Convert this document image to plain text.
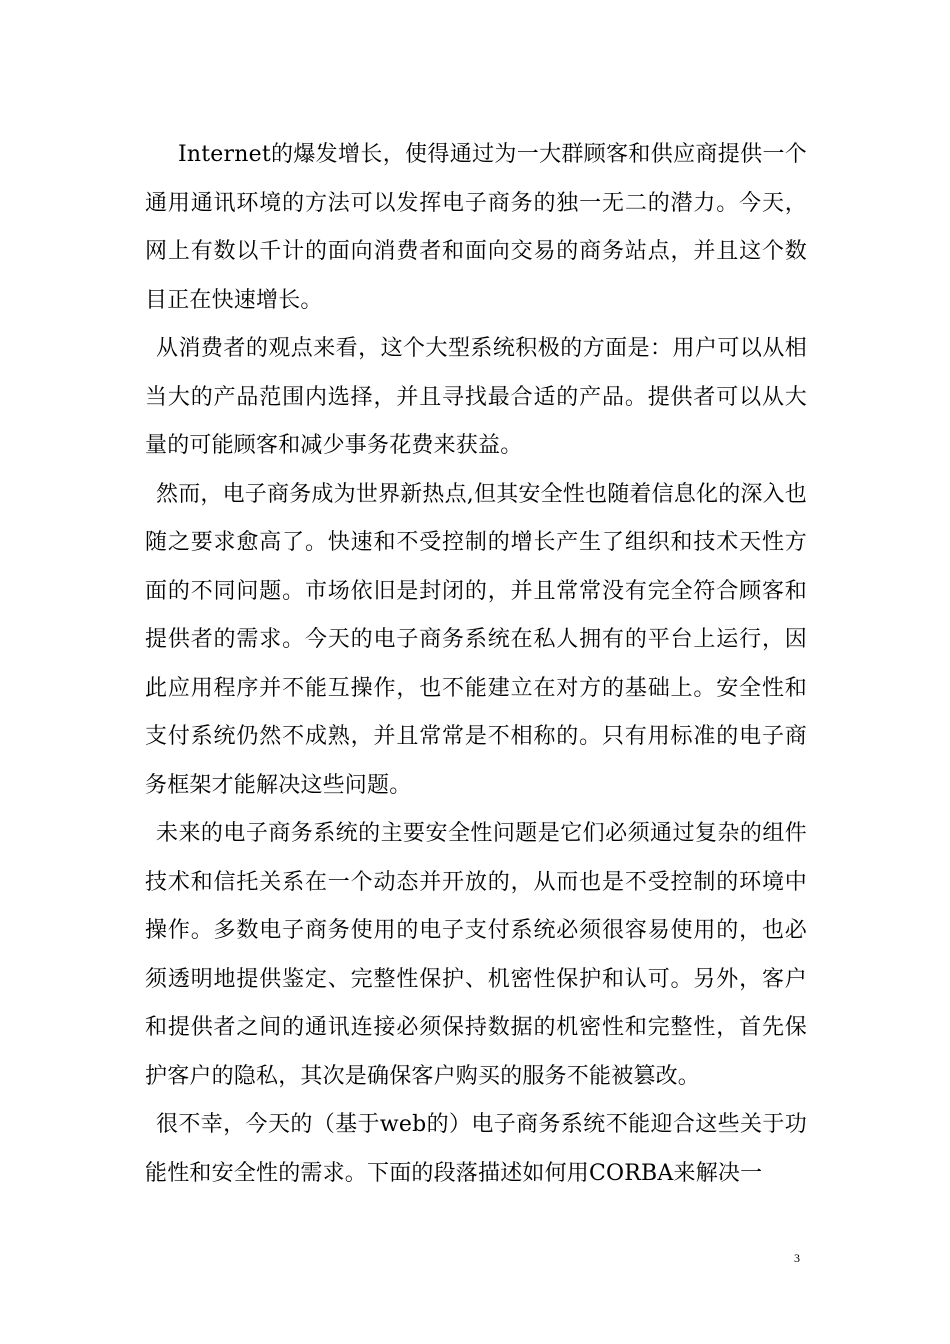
Internet的爆发增长，使得通过为一大群顾客和供应商提供一个通用通讯环境的方法可以发挥电子商务的独一无二的潜力。今天，网上有数以千计的面向消费者和面向交易的商务站点，并且这个数目正在快速增长。

从消费者的观点来看，这个大型系统积极的方面是：用户可以从相当大的产品范围内选择，并且寻找最合适的产品。提供者可以从大量的可能顾客和减少事务花费来获益。

然而，电子商务成为世界新热点,但其安全性也随着信息化的深入也随之要求愈高了。快速和不受控制的增长产生了组织和技术天性方面的不同问题。市场依旧是封闭的，并且常常没有完全符合顾客和提供者的需求。今天的电子商务系统在私人拥有的平台上运行，因此应用程序并不能互操作，也不能建立在对方的基础上。安全性和支付系统仍然不成熟，并且常常是不相称的。只有用标准的电子商务框架才能解决这些问题。

未来的电子商务系统的主要安全性问题是它们必须通过复杂的组件技术和信托关系在一个动态并开放的，从而也是不受控制的环境中操作。多数电子商务使用的电子支付系统必须很容易使用的，也必须透明地提供鉴定、完整性保护、机密性保护和认可。另外，客户和提供者之间的通讯连接必须保持数据的机密性和完整性，首先保护客户的隐私，其次是确保客户购买的服务不能被篡改。

很不幸，今天的（基于web的）电子商务系统不能迎合这些关于功能性和安全性的需求。下面的段落描述如何用CORBA来解决一

3
